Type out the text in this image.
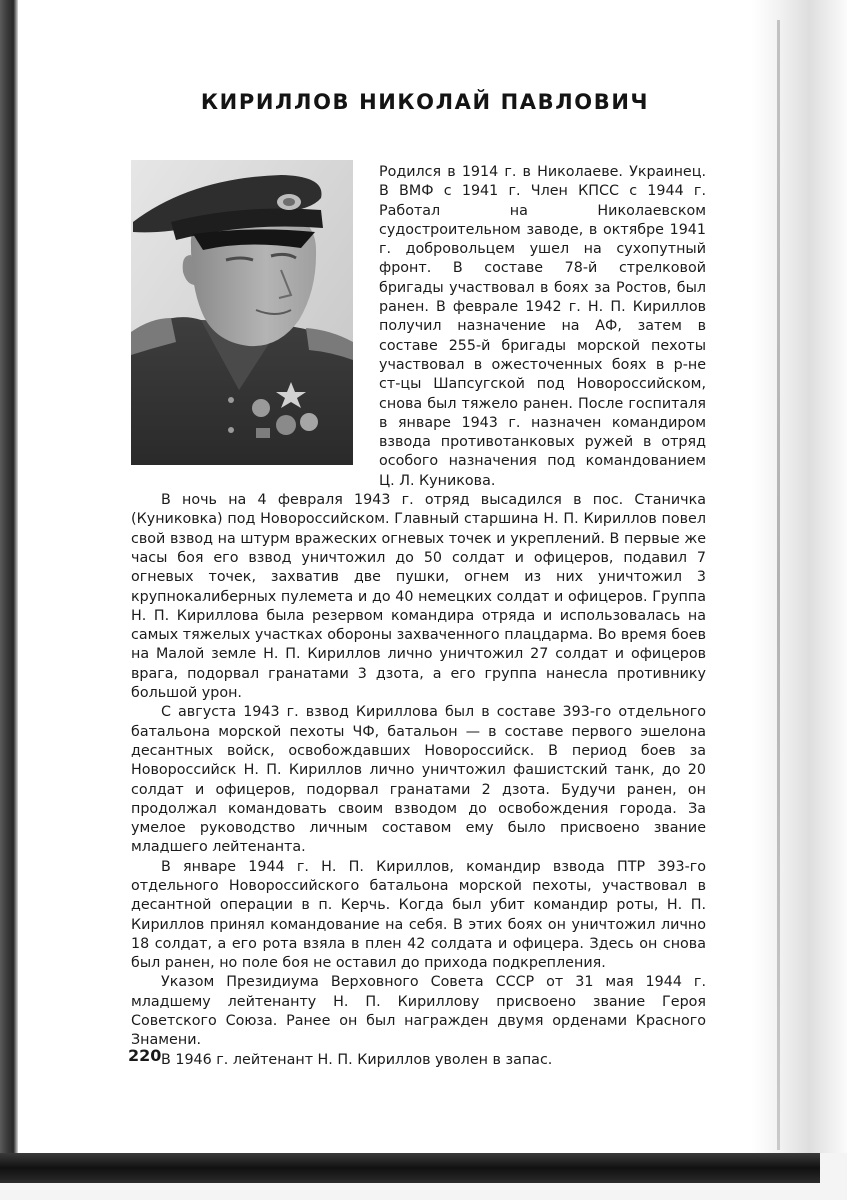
КИРИЛЛОВ НИКОЛАЙ ПАВЛОВИЧ

Родился в 1914 г. в Николаеве. Украинец. В ВМФ с 1941 г. Член КПСС с 1944 г. Работал на Николаевском судостроительном заводе, в октябре 1941 г. добровольцем ушел на сухопутный фронт. В составе 78-й стрелковой бригады участвовал в боях за Ростов, был ранен. В феврале 1942 г. Н. П. Кириллов получил назначение на АФ, затем в составе 255-й бригады морской пехоты участвовал в ожесточенных боях в р-не ст-цы Шапсугской под Новороссийском, снова был тяжело ранен. После госпиталя в январе 1943 г. назначен командиром взвода противотанковых ружей в отряд особого назначения под командованием Ц. Л. Куникова.

В ночь на 4 февраля 1943 г. отряд высадился в пос. Станичка (Куниковка) под Новороссийском. Главный старшина Н. П. Кириллов повел свой взвод на штурм вражеских огневых точек и укреплений. В первые же часы боя его взвод уничтожил до 50 солдат и офицеров, подавил 7 огневых точек, захватив две пушки, огнем из них уничтожил 3 крупнокалиберных пулемета и до 40 немецких солдат и офицеров. Группа Н. П. Кириллова была резервом командира отряда и использовалась на самых тяжелых участках обороны захваченного плацдарма. Во время боев на Малой земле Н. П. Кириллов лично уничтожил 27 солдат и офицеров врага, подорвал гранатами 3 дзота, а его группа нанесла противнику большой урон.

С августа 1943 г. взвод Кириллова был в составе 393-го отдельного батальона морской пехоты ЧФ, батальон — в составе первого эшелона десантных войск, освобождавших Новороссийск. В период боев за Новороссийск Н. П. Кириллов лично уничтожил фашистский танк, до 20 солдат и офицеров, подорвал гранатами 2 дзота. Будучи ранен, он продолжал командовать своим взводом до освобождения города. За умелое руководство личным составом ему было присвоено звание младшего лейтенанта.

В январе 1944 г. Н. П. Кириллов, командир взвода ПТР 393-го отдельного Новороссийского батальона морской пехоты, участвовал в десантной операции в п. Керчь. Когда был убит командир роты, Н. П. Кириллов принял командование на себя. В этих боях он уничтожил лично 18 солдат, а его рота взяла в плен 42 солдата и офицера. Здесь он снова был ранен, но поле боя не оставил до прихода подкрепления.

Указом Президиума Верховного Совета СССР от 31 мая 1944 г. младшему лейтенанту Н. П. Кириллову присвоено звание Героя Советского Союза. Ранее он был награжден двумя орденами Красного Знамени.

В 1946 г. лейтенант Н. П. Кириллов уволен в запас.

220
